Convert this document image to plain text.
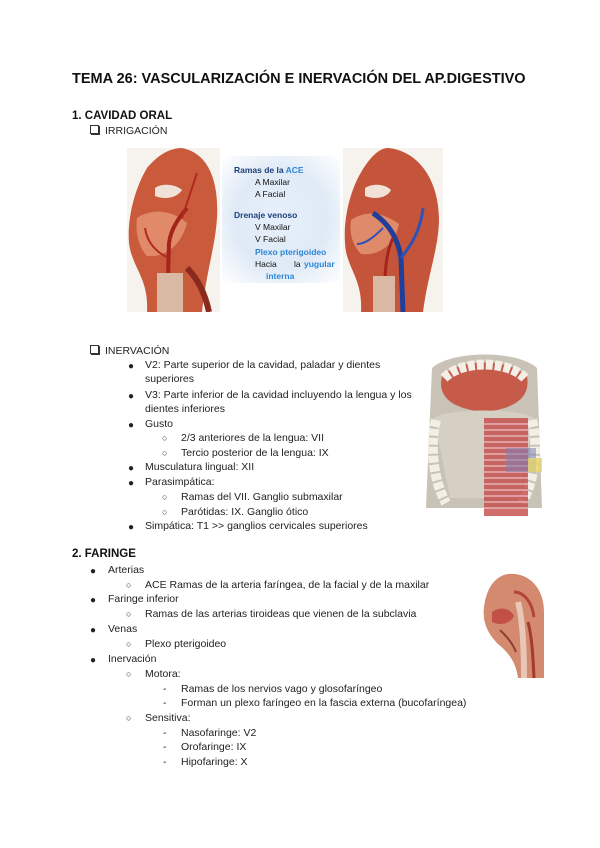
TEMA 26: VASCULARIZACIÓN E INERVACIÓN DEL AP.DIGESTIVO
1. CAVIDAD ORAL
IRRIGACIÓN
Ramas de la ACE
A Maxilar
A Facial
Drenaje venoso
V Maxilar
V Facial
Plexo pterigoideo
Hacia la yugular
interna
INERVACIÓN
● V2: Parte superior de la cavidad, paladar y dientes superiores
● V3: Parte inferior de la cavidad incluyendo la lengua y los dientes inferiores
● Gusto
○	2/3 anteriores de la lengua: VII
○	Tercio posterior de la lengua: IX
● Musculatura lingual: XII
● Parasimpática:
○	Ramas del VII. Ganglio submaxilar
○	Parótidas: IX. Ganglio ótico
● Simpática: T1 >> ganglios cervicales superiores
2. FARINGE
● Arterias
○	ACE Ramas de la arteria faríngea, de la facial y de la maxilar
● Faringe inferior
○	Ramas de las arterias tiroideas que vienen de la subclavia
● Venas
○	Plexo pterigoideo
● Inervación
○	Motora:
-	Ramas de los nervios vago y glosofaríngeo
-	Forman un plexo faríngeo en la fascia externa (bucofaríngea)
○	Sensitiva:
-	Nasofaringe: V2
-	Orofaringe: IX
-	Hipofaringe: X
